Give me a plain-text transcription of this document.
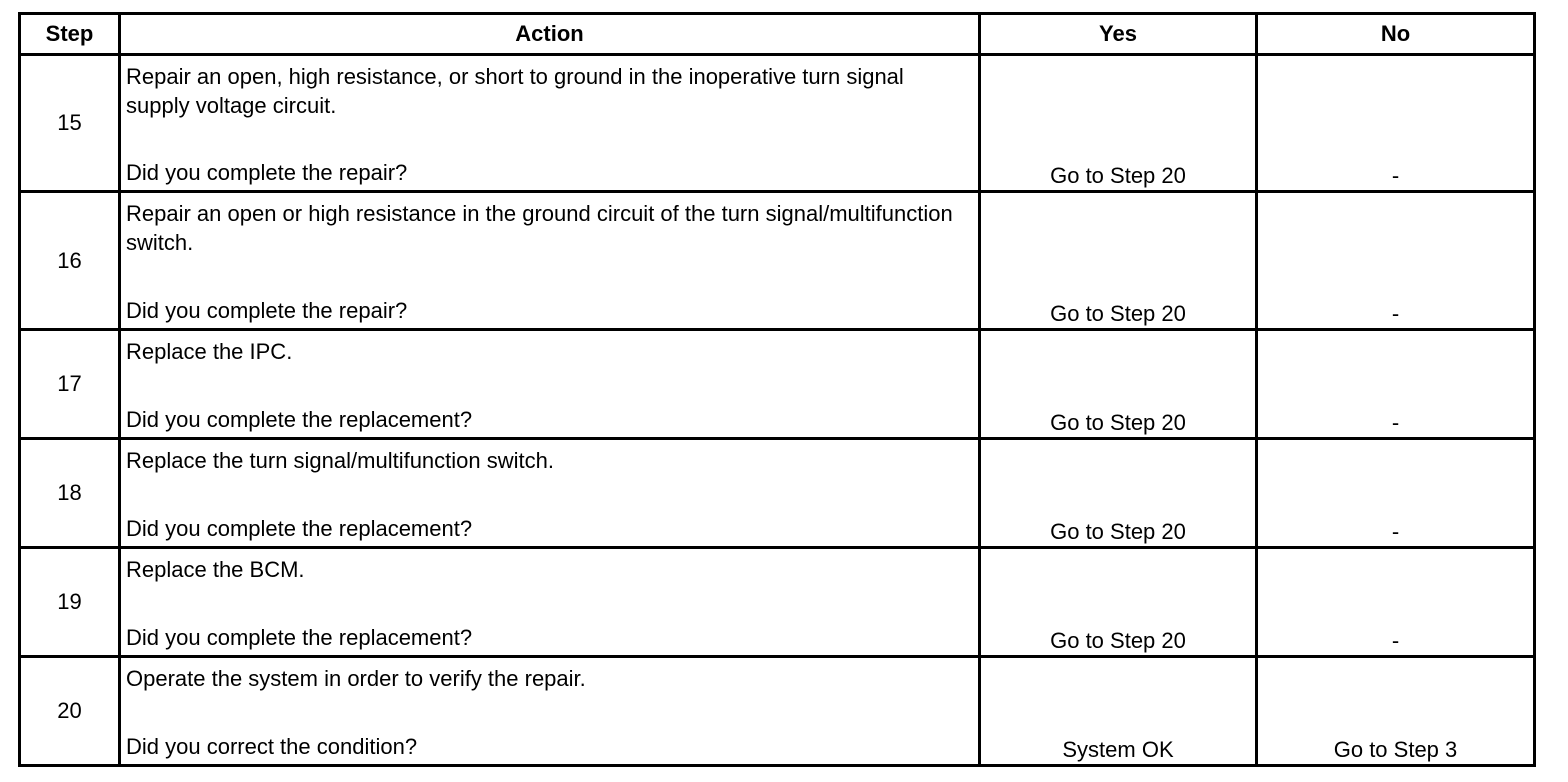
Step	Action	Yes	No
15	Repair an open, high resistance, or short to ground in the inoperative turn signal supply voltage circuit.
Did you complete the repair?	Go to Step 20	-
16	Repair an open or high resistance in the ground circuit of the turn signal/multifunction switch.
Did you complete the repair?	Go to Step 20	-
17	Replace the IPC.
Did you complete the replacement?	Go to Step 20	-
18	Replace the turn signal/multifunction switch.
Did you complete the replacement?	Go to Step 20	-
19	Replace the BCM.
Did you complete the replacement?	Go to Step 20	-
20	Operate the system in order to verify the repair.
Did you correct the condition?	System OK	Go to Step 3
